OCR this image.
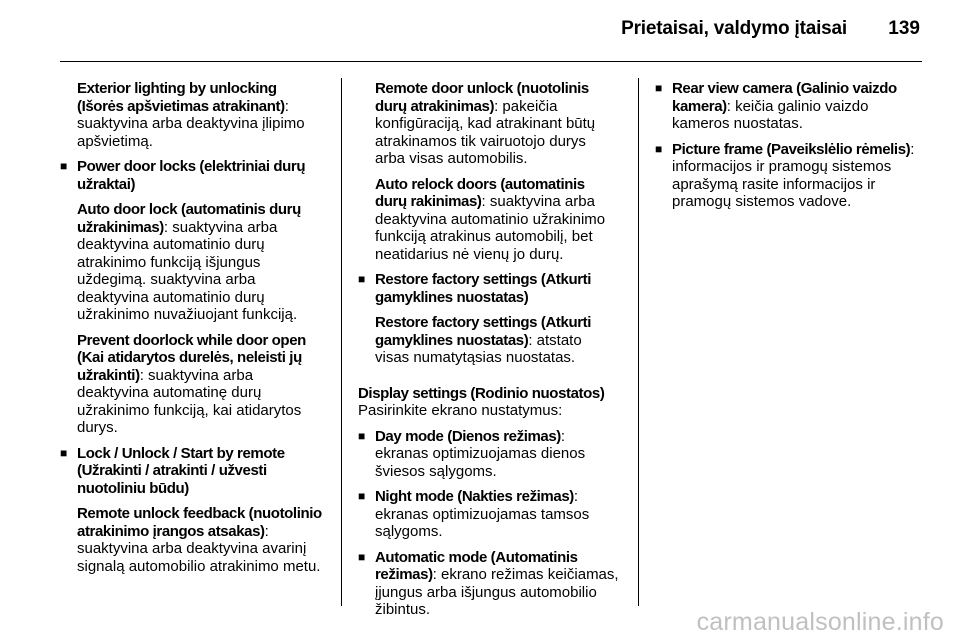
Prietaisai, valdymo įtaisai 139
Exterior lighting by unlocking (Išorės apšvietimas atrakinant): suaktyvina arba deaktyvina įlipimo apšvietimą.
■ Power door locks (elektriniai durų užraktai)
Auto door lock (automatinis durų užrakinimas): suaktyvina arba deaktyvina automatinio durų atrakinimo funkciją išjungus uždegimą. suaktyvina arba deaktyvina automatinio durų užrakinimo nuvažiuojant funkciją.
Prevent doorlock while door open (Kai atidarytos durelės, neleisti jų užrakinti): suaktyvina arba deaktyvina automatinę durų užrakinimo funkciją, kai atidarytos durys.
■ Lock / Unlock / Start by remote (Užrakinti / atrakinti / užvesti nuotoliniu būdu)
Remote unlock feedback (nuotolinio atrakinimo įrangos atsakas): suaktyvina arba deaktyvina avarinį signalą automobilio atrakinimo metu.
Remote door unlock (nuotolinis durų atrakinimas): pakeičia konfigūraciją, kad atrakinant būtų atrakinamos tik vairuotojo durys arba visas automobilis.
Auto relock doors (automatinis durų rakinimas): suaktyvina arba deaktyvina automatinio užrakinimo funkciją atrakinus automobilį, bet neatidarius nė vienų jo durų.
■ Restore factory settings (Atkurti gamyklines nuostatas)
Restore factory settings (Atkurti gamyklines nuostatas): atstato visas numatytąsias nuostatas.
Display settings (Rodinio nuostatos)
Pasirinkite ekrano nustatymus:
■ Day mode (Dienos režimas): ekranas optimizuojamas dienos šviesos sąlygoms.
■ Night mode (Nakties režimas): ekranas optimizuojamas tamsos sąlygoms.
■ Automatic mode (Automatinis režimas): ekrano režimas keičiamas, įjungus arba išjungus automobilio žibintus.
■ Rear view camera (Galinio vaizdo kamera): keičia galinio vaizdo kameros nuostatas.
■ Picture frame (Paveikslėlio rėmelis): informacijos ir pramogų sistemos aprašymą rasite informacijos ir pramogų sistemos vadove.
carmanualsonline.info
